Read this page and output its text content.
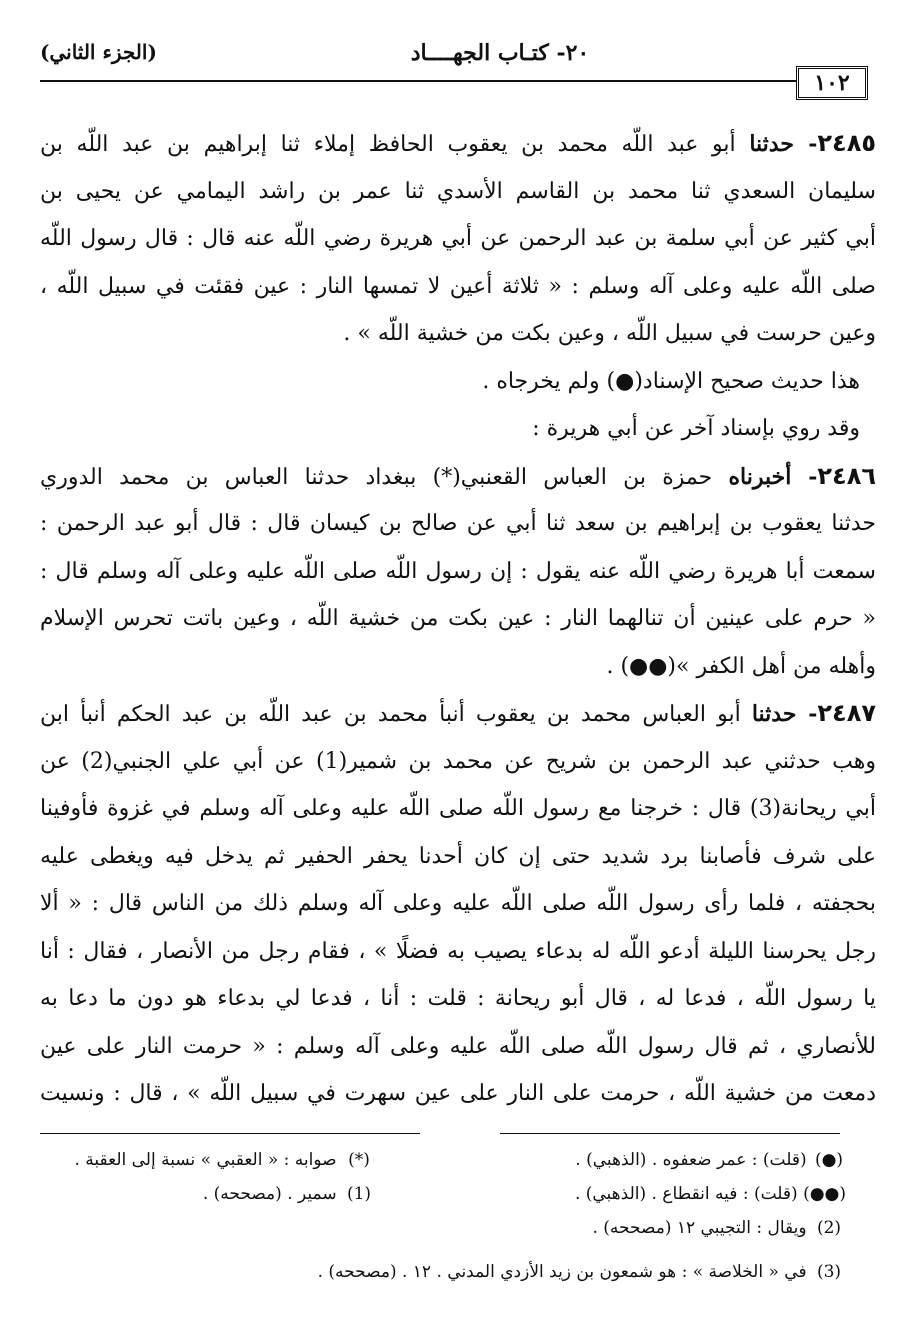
(الجزء الثاني)	٢٠- كتـاب الجهــــاد
١٠٢
٢٤٨٥- حدثنا أبو عبد اللّه محمد بن يعقوب الحافظ إملاء ثنا إبراهيم بن عبد اللّه بن
سليمان السعدي ثنا محمد بن القاسم الأسدي ثنا عمر بن راشد اليمامي عن يحيى بن
أبي كثير عن أبي سلمة بن عبد الرحمن عن أبي هريرة رضي اللّه عنه قال : قال رسول اللّه
صلى اللّه عليه وعلى آله وسلم : « ثلاثة أعين لا تمسها النار : عين فقئت في سبيل اللّه ،
وعين حرست في سبيل اللّه ، وعين بكت من خشية اللّه » .
هذا حديث صحيح الإسناد(●) ولم يخرجاه .
وقد روي بإسناد آخر عن أبي هريرة :
٢٤٨٦- أخبرناه حمزة بن العباس القعنبي(*) ببغداد حدثنا العباس بن محمد الدوري
حدثنا يعقوب بن إبراهيم بن سعد ثنا أبي عن صالح بن كيسان قال : قال أبو عبد الرحمن :
سمعت أبا هريرة رضي اللّه عنه يقول : إن رسول اللّه صلى اللّه عليه وعلى آله وسلم قال :
« حرم على عينين أن تنالهما النار : عين بكت من خشية اللّه ، وعين باتت تحرس الإسلام
وأهله من أهل الكفر »(●●) .
٢٤٨٧- حدثنا أبو العباس محمد بن يعقوب أنبأ محمد بن عبد اللّه بن عبد الحكم أنبأ ابن
وهب حدثني عبد الرحمن بن شريح عن محمد بن شمير(1) عن أبي علي الجنبي(2) عن
أبي ريحانة(3) قال : خرجنا مع رسول اللّه صلى اللّه عليه وعلى آله وسلم في غزوة فأوفينا
على شرف فأصابنا برد شديد حتى إن كان أحدنا يحفر الحفير ثم يدخل فيه ويغطى عليه
بحجفته ، فلما رأى رسول اللّه صلى اللّه عليه وعلى آله وسلم ذلك من الناس قال : « ألا
رجل يحرسنا الليلة أدعو اللّه له بدعاء يصيب به فضلًا » ، فقام رجل من الأنصار ، فقال : أنا
يا رسول اللّه ، فدعا له ، قال أبو ريحانة : قلت : أنا ، فدعا لي بدعاء هو دون ما دعا به
للأنصاري ، ثم قال رسول اللّه صلى اللّه عليه وعلى آله وسلم : « حرمت النار على عين
دمعت من خشية اللّه ، حرمت على النار على عين سهرت في سبيل اللّه » ، قال : ونسيت
(●) (قلت) : عمر ضعفوه . (الذهبي) .
(●●) (قلت) : فيه انقطاع . (الذهبي) .
(2) ويقال : التجيبي ١٢ (مصححه) .
(3) في « الخلاصة » : هو شمعون بن زيد الأزدي المدني . ١٢ . (مصححه) .
(*) صوابه : « العقبي » نسبة إلى العقبة .
(1) سمير . (مصححه) .
